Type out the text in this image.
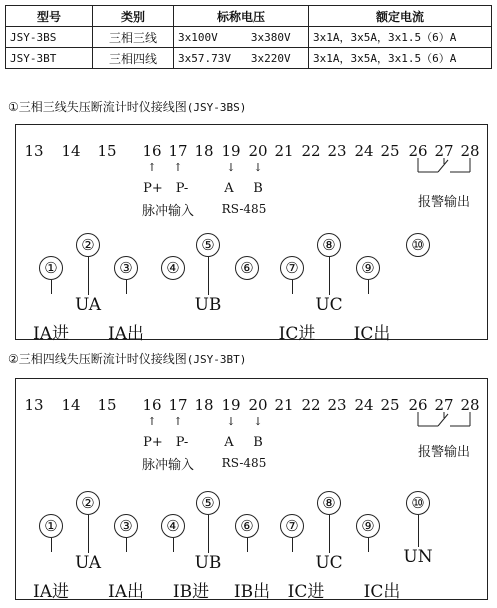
型号	类别	标称电压	额定电流
JSY-3BS	三相三线	3x100V     3x380V	3x1A，3x5A，3x1.5（6）A
JSY-3BT	三相四线	3x57.73V   3x220V	3x1A，3x5A，3x1.5（6）A
①三相三线失压断流计时仪接线图(JSY-3BS)
13 14 15 16 17 18 19 20 21 22 23 24 25 26 27 28
↑ ↑	↓ ↓
P+ P-	A B
脉冲输入 RS-485	报警输出
①
②
③	④
⑤
⑥	⑦
⑧
⑨
⑩
UA	UB	UC
IA进 IA出	IC进 IC出
②三相四线失压断流计时仪接线图(JSY-3BT)
13 14 15 16 17 18 19 20 21 22 23 24 25 26 27 28
↑ ↑	↓ ↓
P+ P-	A B
脉冲输入 RS-485
报警输出
①
②
③	④
⑤
⑥	⑦
⑧
⑨
⑩
UA	UB	UC	UN
IA进 IA出 IB进 IB出 IC进 IC出
